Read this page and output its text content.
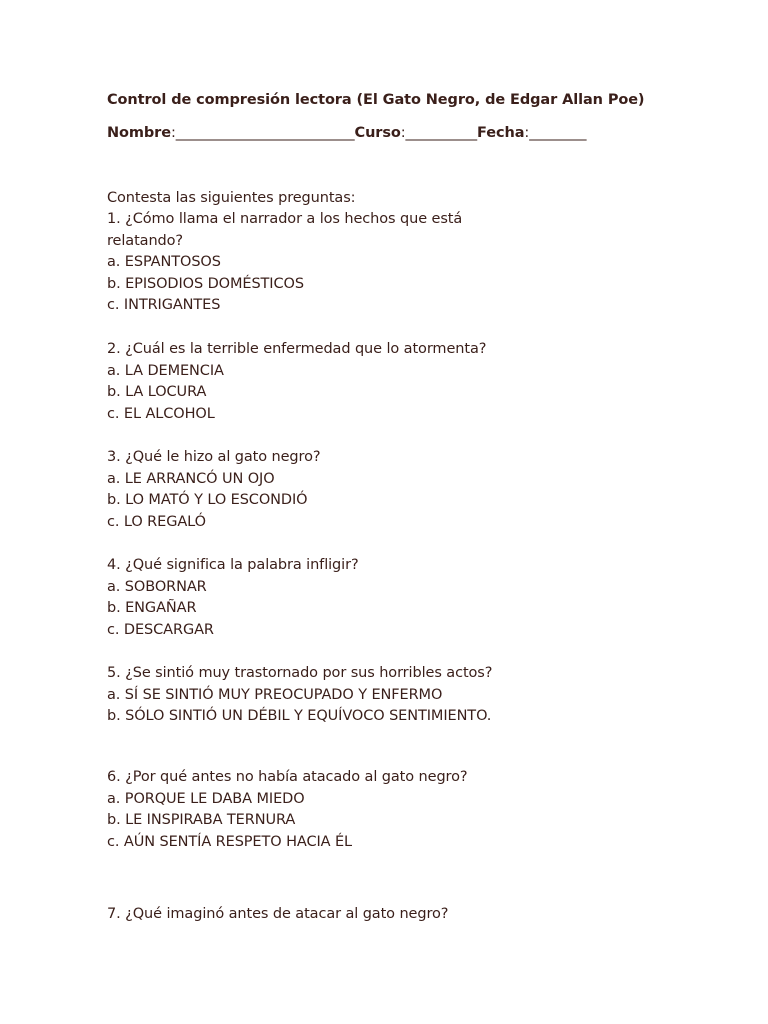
Control de compresión lectora (El Gato Negro, de Edgar Allan Poe)
Nombre:_________________________Curso:__________Fecha:________
Contesta las siguientes preguntas:
1. ¿Cómo llama el narrador a los hechos que está
relatando?
a. ESPANTOSOS
b. EPISODIOS DOMÉSTICOS
c. INTRIGANTES
2. ¿Cuál es la terrible enfermedad que lo atormenta?
a. LA DEMENCIA
b. LA LOCURA
c. EL ALCOHOL
3. ¿Qué le hizo al gato negro?
a. LE ARRANCÓ UN OJO
b. LO MATÓ Y LO ESCONDIÓ
c. LO REGALÓ
4. ¿Qué significa la palabra infligir?
a. SOBORNAR
b. ENGAÑAR
c. DESCARGAR
5. ¿Se sintió muy trastornado por sus horribles actos?
a. SÍ SE SINTIÓ MUY PREOCUPADO Y ENFERMO
b. SÓLO SINTIÓ UN DÉBIL Y EQUÍVOCO SENTIMIENTO.
6. ¿Por qué antes no había atacado al gato negro?
a. PORQUE LE DABA MIEDO
b. LE INSPIRABA TERNURA
c. AÚN SENTÍA RESPETO HACIA ÉL
7. ¿Qué imaginó antes de atacar al gato negro?
